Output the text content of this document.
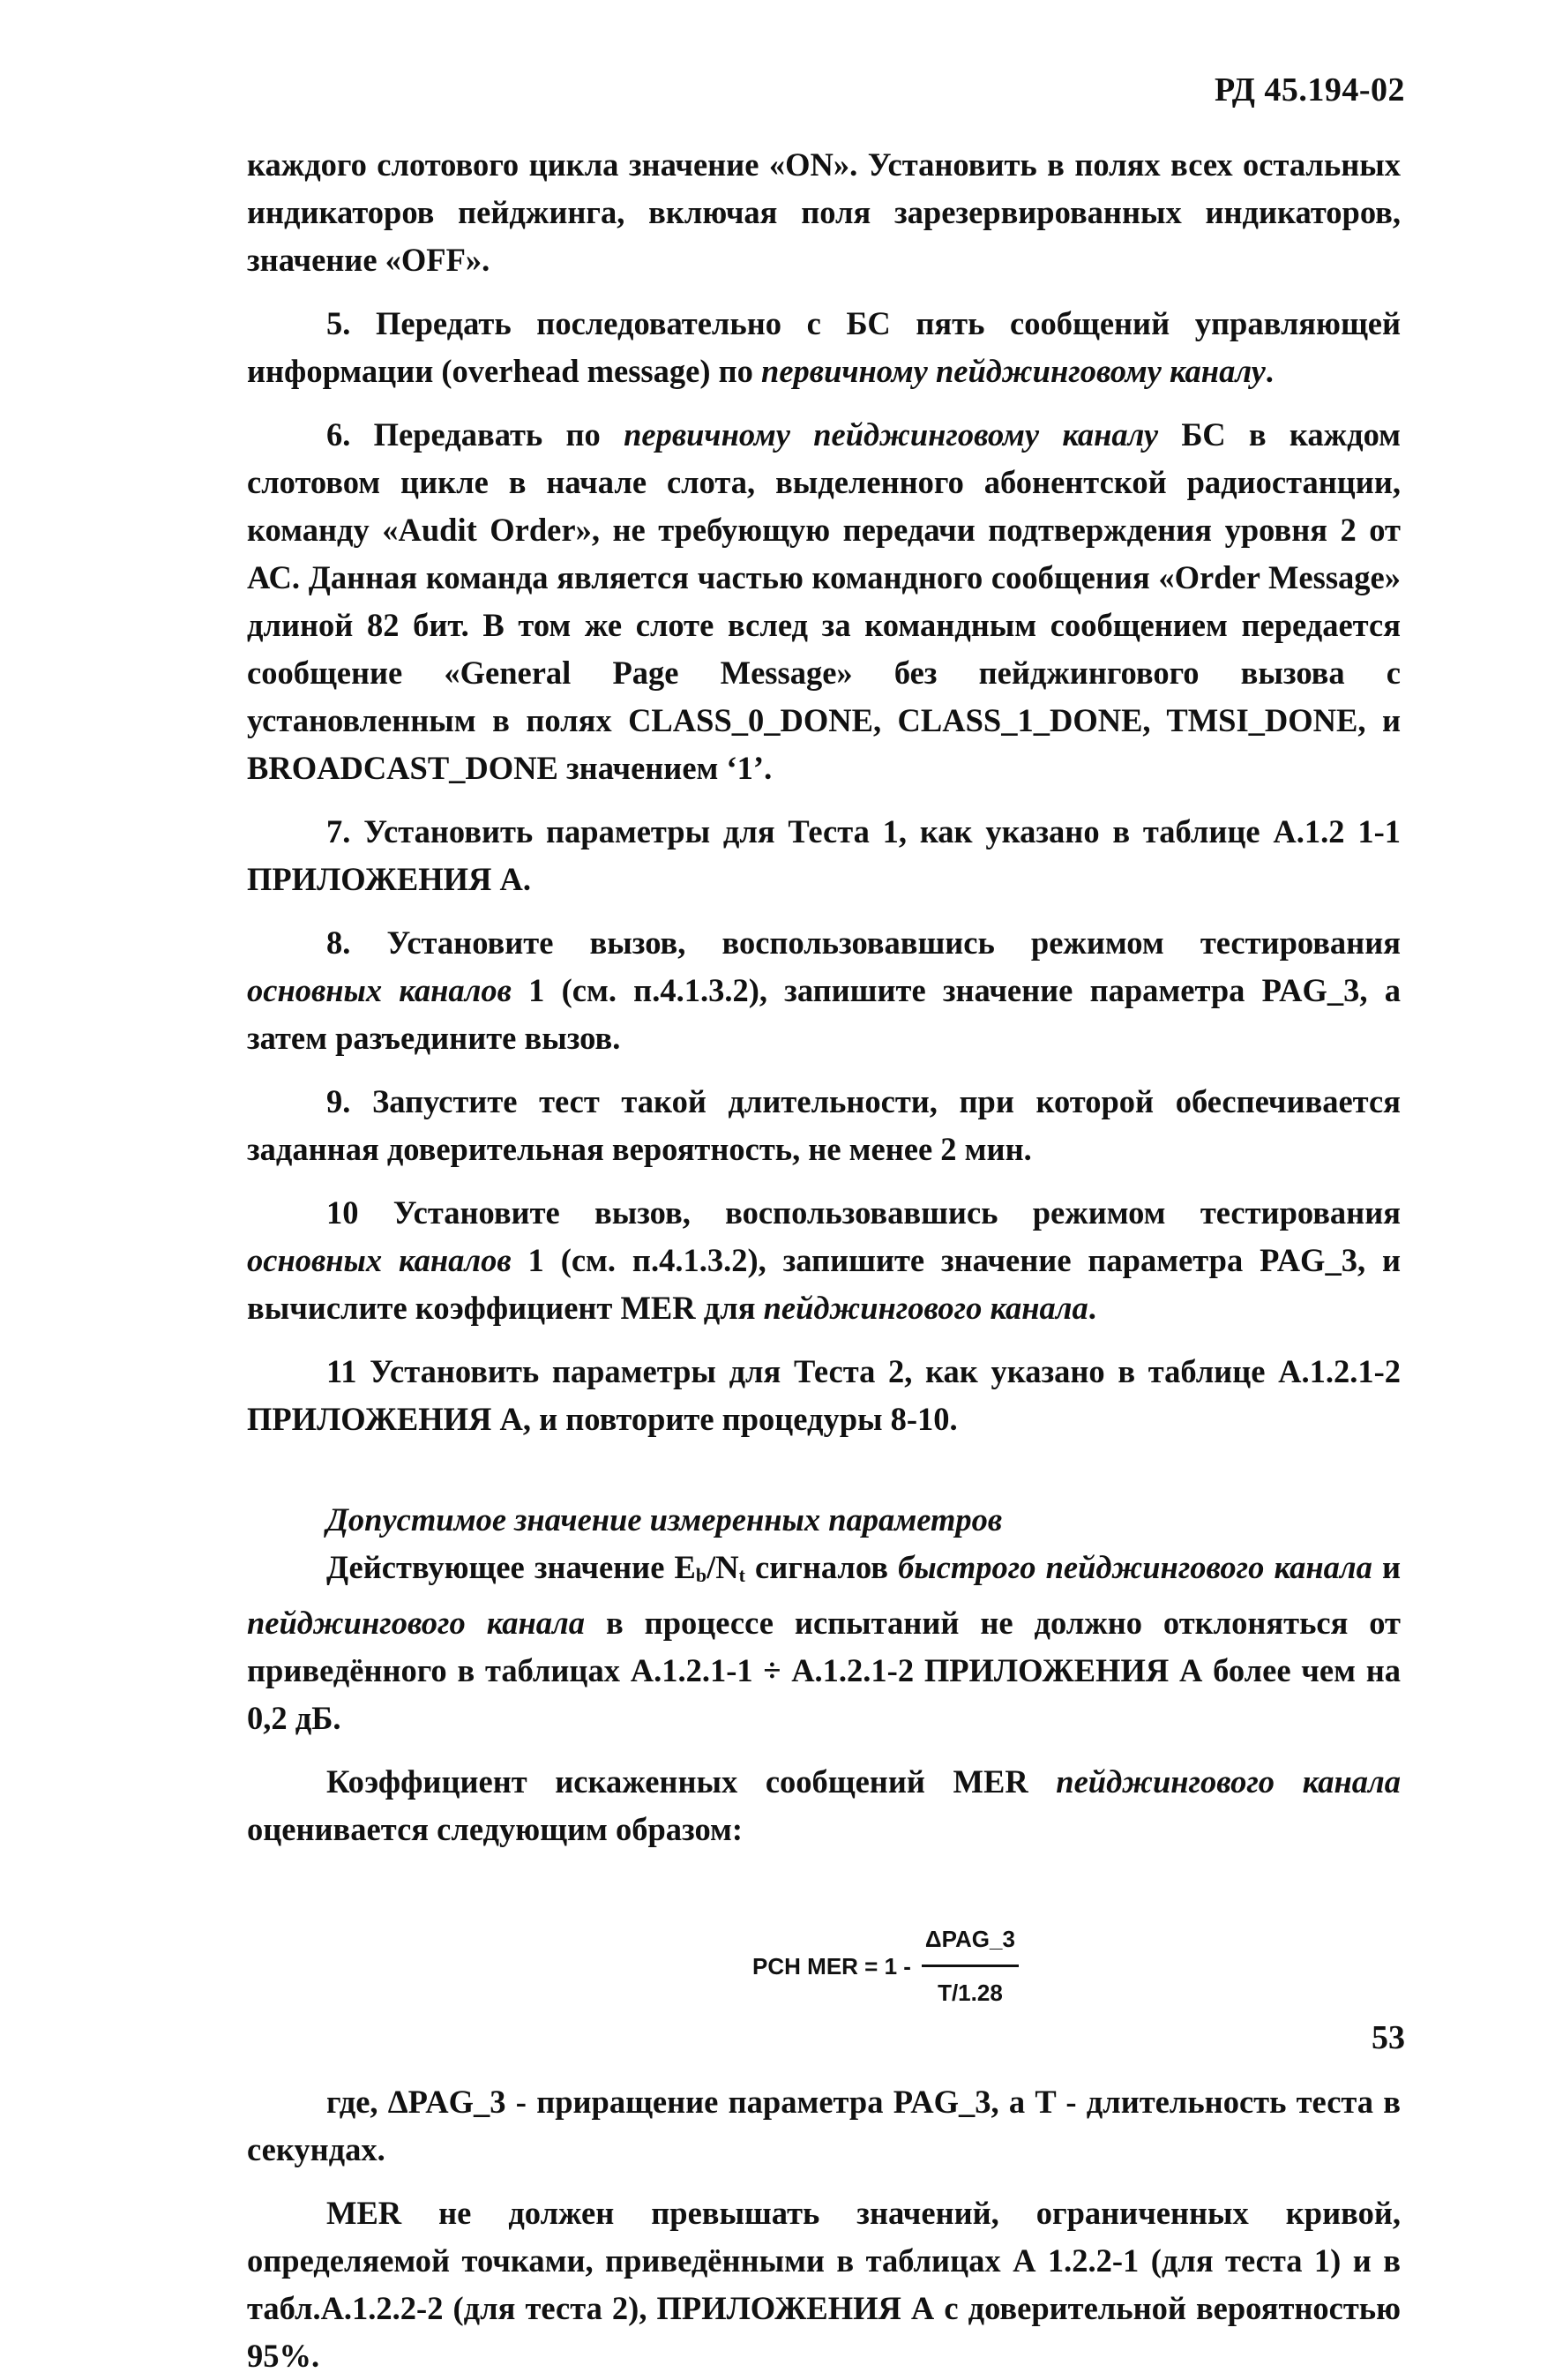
РД 45.194-02

каждого слотового цикла значение «ON». Установить в полях всех остальных индикаторов пейджинга, включая поля зарезервированных индикаторов, значение «OFF».

5. Передать последовательно с БС пять сообщений управляющей информации (overhead message) по первичному пейджинговому каналу.

6. Передавать по первичному пейджинговому каналу БС в каждом слотовом цикле в начале слота, выделенного абонентской радиостанции, команду «Audit Order», не требующую передачи подтверждения уровня 2 от АС. Данная команда является частью командного сообщения «Order Message» длиной 82 бит. В том же слоте вслед за командным сообщением передается сообщение «General Page Message» без пейджингового вызова с установленным в полях CLASS_0_DONE, CLASS_1_DONE, TMSI_DONE, и BROADCAST_DONE значением ‘1’.

7. Установить параметры для Теста 1, как указано в таблице А.1.2 1-1 ПРИЛОЖЕНИЯ А.

8. Установите вызов, воспользовавшись режимом тестирования основных каналов 1 (см. п.4.1.3.2), запишите значение параметра PAG_3, а затем разъедините вызов.

9. Запустите тест такой длительности, при которой обеспечивается заданная доверительная вероятность, не менее 2 мин.

10 Установите вызов, воспользовавшись режимом тестирования основных каналов 1 (см. п.4.1.3.2), запишите значение параметра PAG_3, и вычислите коэффициент MER для пейджингового канала.

11 Установить параметры для Теста 2, как указано в таблице А.1.2.1-2 ПРИЛОЖЕНИЯ А, и повторите процедуры 8-10.

Допустимое значение измеренных параметров

Действующее значение $E_b/N_t$ сигналов быстрого пейджингового канала и пейджингового канала в процессе испытаний не должно отклоняться от приведённого в таблицах А.1.2.1-1 ÷ А.1.2.1-2 ПРИЛОЖЕНИЯ А более чем на 0,2 дБ.

Коэффициент искаженных сообщений MER пейджингового канала оценивается следующим образом:

PCH MER = $1 - \frac{\text{ΔPAG\_3}}{T/1.28}$

где, ΔPAG_3 - приращение параметра PAG_3, а T - длительность теста в секундах.

MER не должен превышать значений, ограниченных кривой, определяемой точками, приведёнными в таблицах А 1.2.2-1 (для теста 1) и в табл.А.1.2.2-2 (для теста 2), ПРИЛОЖЕНИЯ А с доверительной вероятностью 95%.

53
